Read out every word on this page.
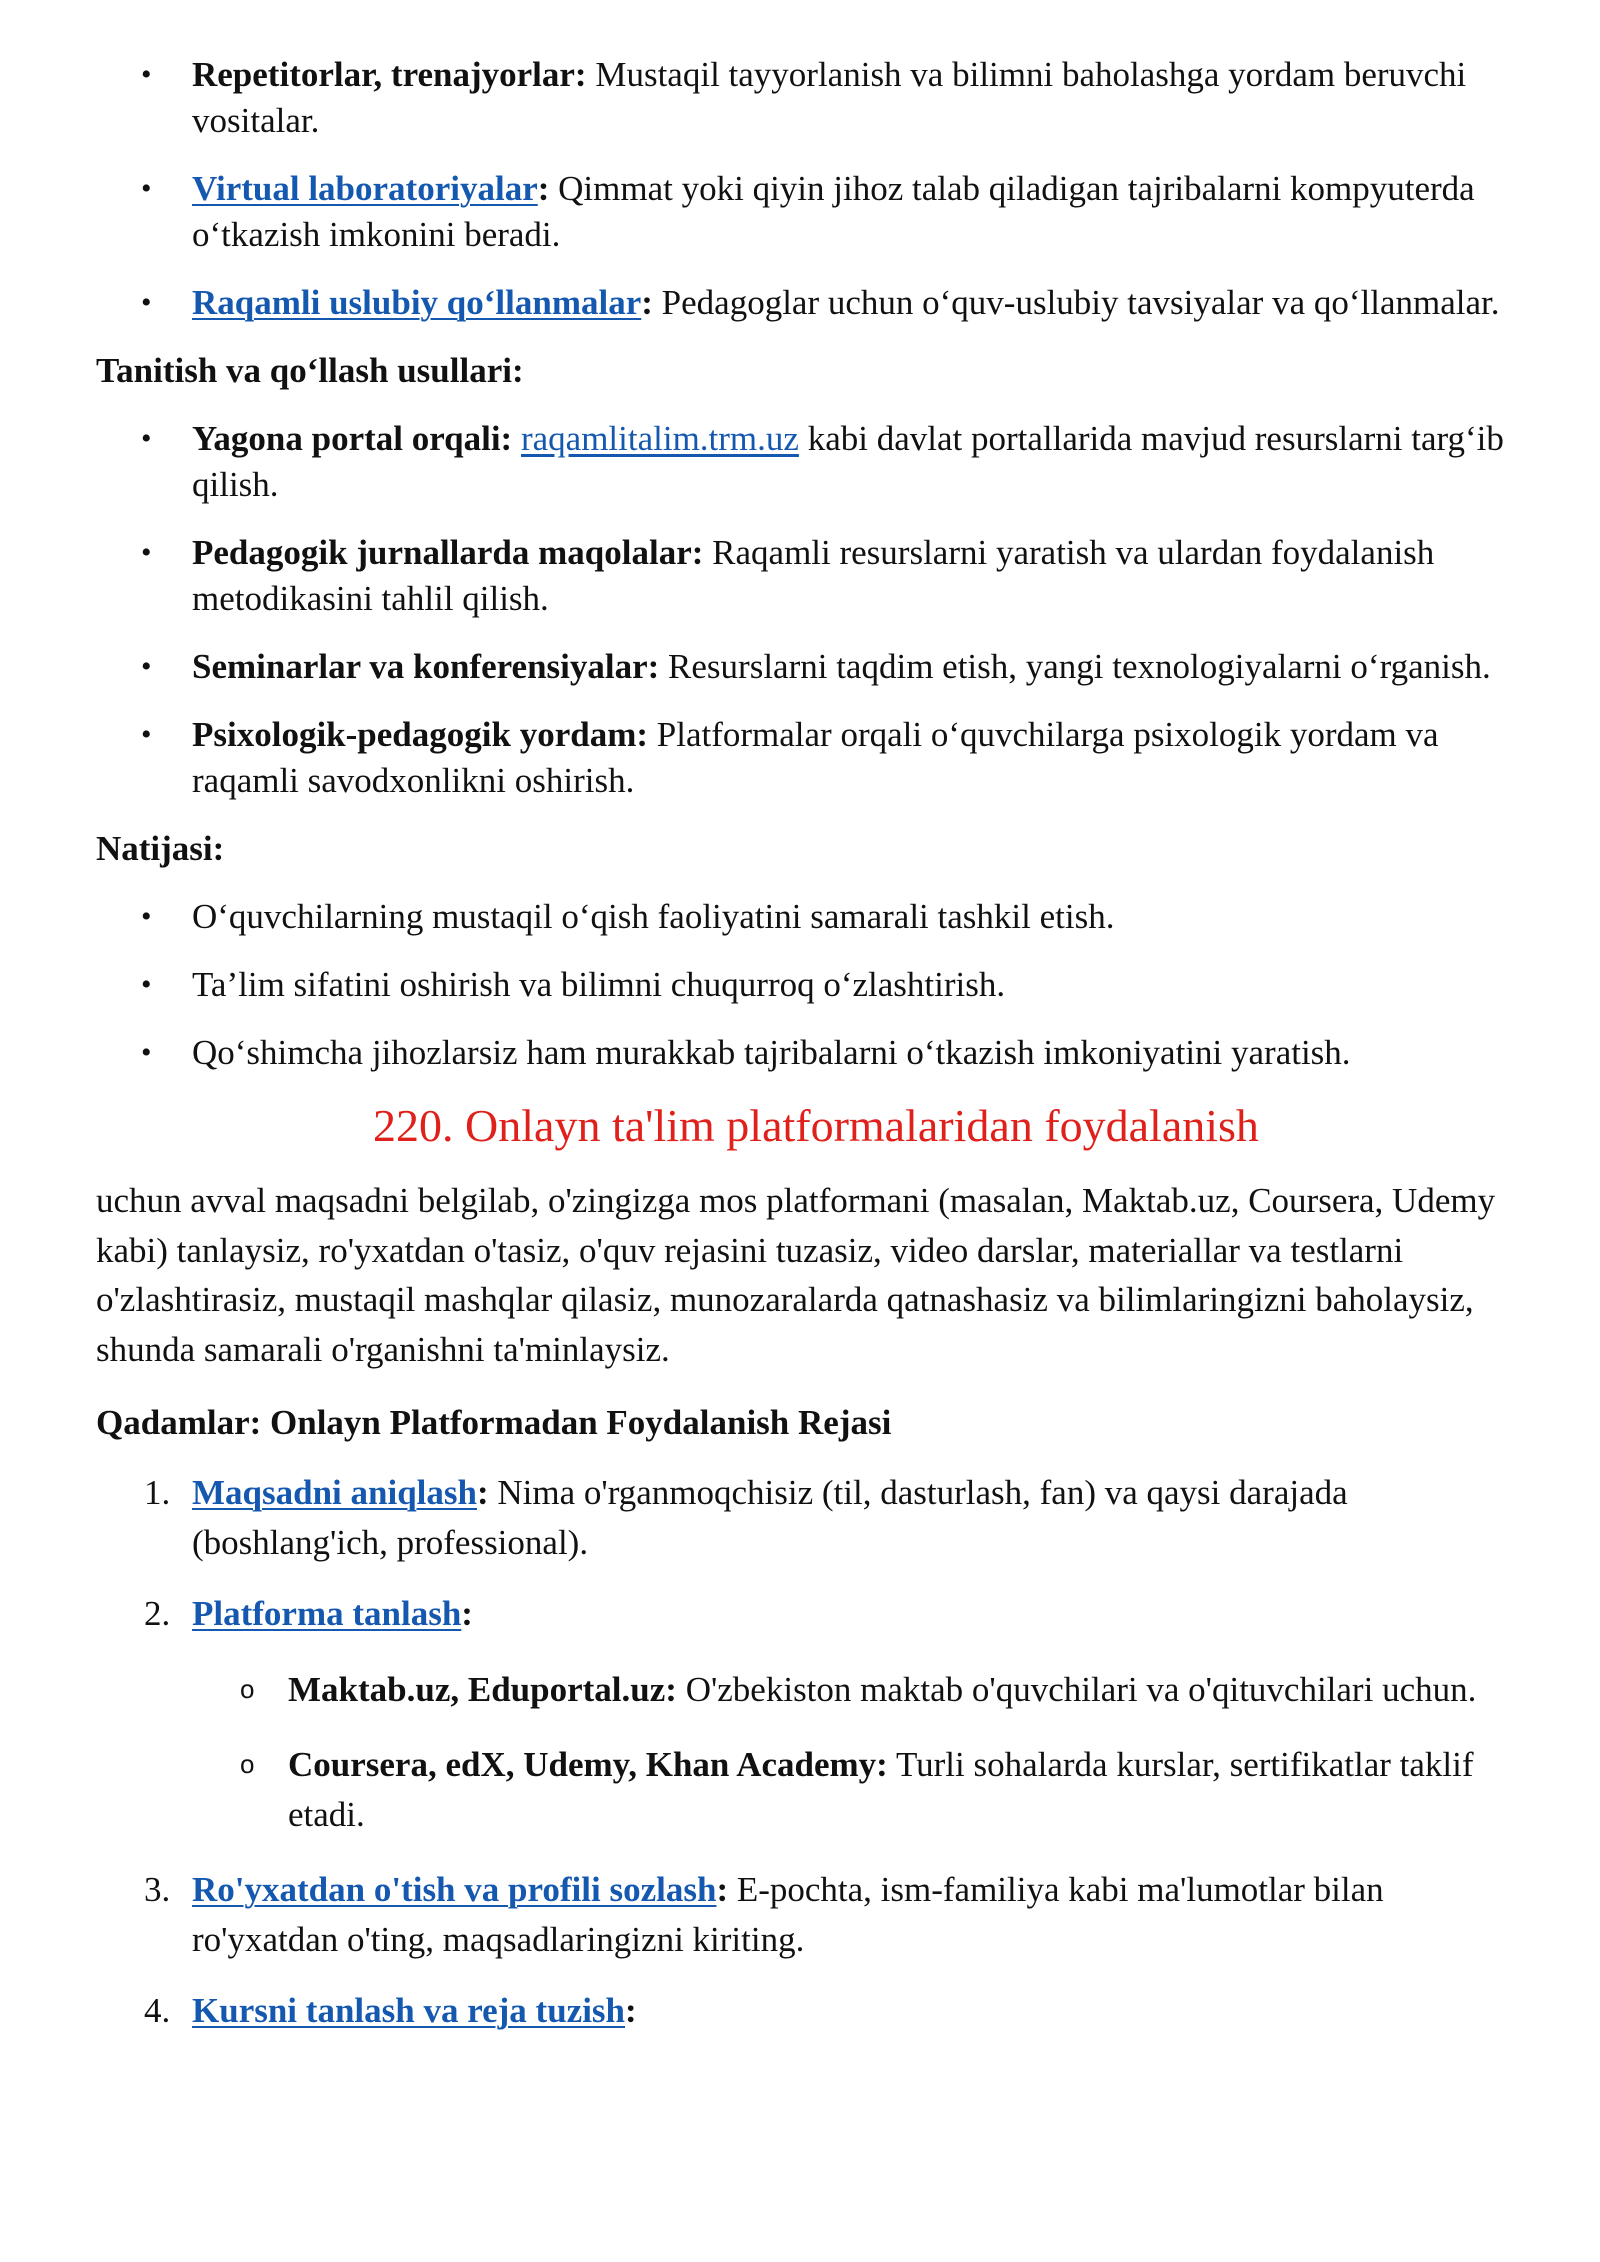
• Repetitorlar, trenajyorlar: Mustaqil tayyorlanish va bilimni baholashga yordam beruvchi vositalar.
• Virtual laboratoriyalar: Qimmat yoki qiyin jihoz talab qiladigan tajribalarni kompyuterda o‘tkazish imkonini beradi.
• Raqamli uslubiy qo‘llanmalar: Pedagoglar uchun o‘quv-uslubiy tavsiyalar va qo‘llanmalar.
Tanitish va qo‘llash usullari:
• Yagona portal orqali: raqamlitalim.trm.uz kabi davlat portallarida mavjud resurslarni targ‘ib qilish.
• Pedagogik jurnallarda maqolalar: Raqamli resurslarni yaratish va ulardan foydalanish metodikasini tahlil qilish.
• Seminarlar va konferensiyalar: Resurslarni taqdim etish, yangi texnologiyalarni o‘rganish.
• Psixologik-pedagogik yordam: Platformalar orqali o‘quvchilarga psixologik yordam va raqamli savodxonlikni oshirish.
Natijasi:
• O‘quvchilarning mustaqil o‘qish faoliyatini samarali tashkil etish.
• Ta’lim sifatini oshirish va bilimni chuqurroq o‘zlashtirish.
• Qo‘shimcha jihozlarsiz ham murakkab tajribalarni o‘tkazish imkoniyatini yaratish.
220. Onlayn ta'lim platformalaridan foydalanish

uchun avval maqsadni belgilab, o'zingizga mos platformani (masalan, Maktab.uz, Coursera, Udemy kabi) tanlaysiz, ro'yxatdan o'tasiz, o'quv rejasini tuzasiz, video darslar, materiallar va testlarni o'zlashtirasiz, mustaqil mashqlar qilasiz, munozaralarda qatnashasiz va bilimlaringizni baholaysiz, shunda samarali o'rganishni ta'minlaysiz.

Qadamlar: Onlayn Platformadan Foydalanish Rejasi
1. Maqsadni aniqlash: Nima o'rganmoqchisiz (til, dasturlash, fan) va qaysi darajada (boshlang'ich, professional).
2. Platforma tanlash:
o Maktab.uz, Eduportal.uz: O'zbekiston maktab o'quvchilari va o'qituvchilari uchun.
o Coursera, edX, Udemy, Khan Academy: Turli sohalarda kurslar, sertifikatlar taklif etadi.
3. Ro'yxatdan o'tish va profili sozlash: E-pochta, ism-familiya kabi ma'lumotlar bilan ro'yxatdan o'ting, maqsadlaringizni kiriting.
4. Kursni tanlash va reja tuzish:
